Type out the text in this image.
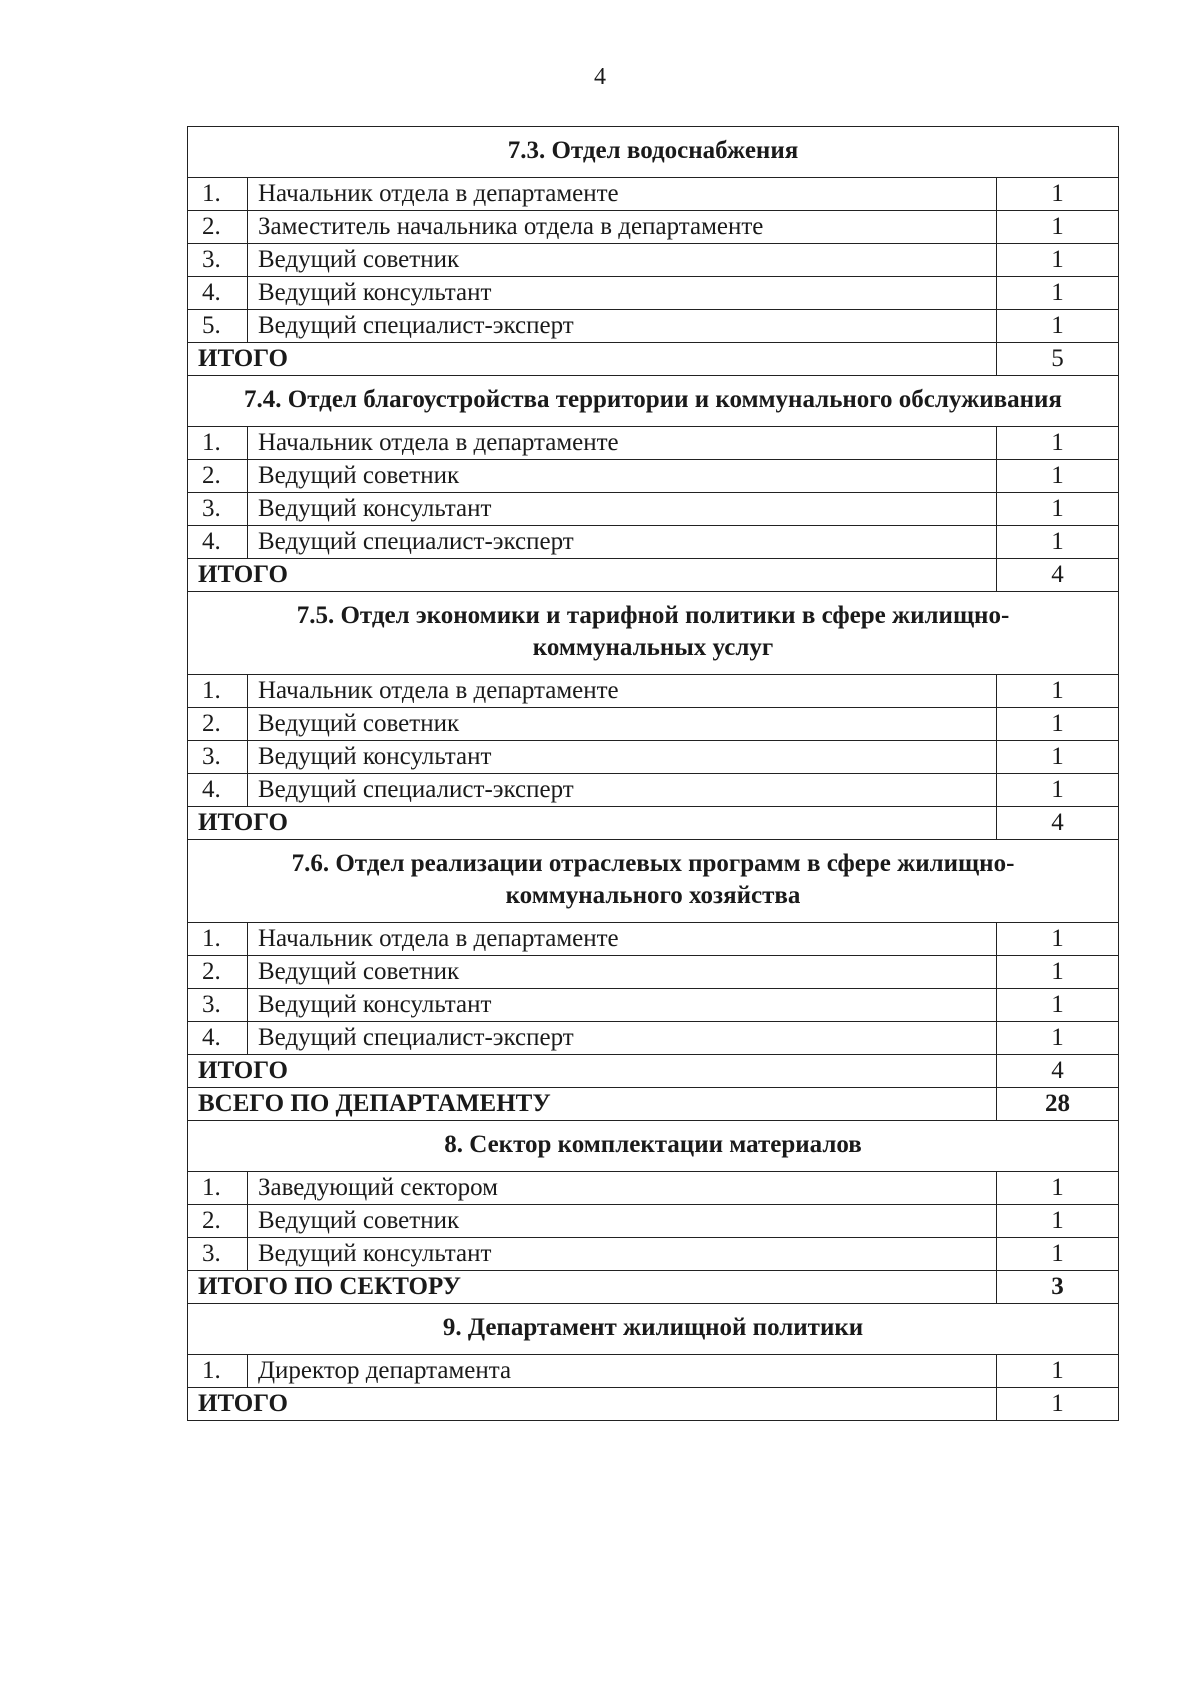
4
7.3. Отдел водоснабжения		
1.	Начальник отдела в департаменте	1
2.	Заместитель начальника отдела в департаменте	1
3.	Ведущий советник	1
4.	Ведущий консультант	1
5.	Ведущий специалист-эксперт	1
ИТОГО		5
7.4. Отдел благоустройства территории и коммунального обслуживания		
1.	Начальник отдела в департаменте	1
2.	Ведущий советник	1
3.	Ведущий консультант	1
4.	Ведущий специалист-эксперт	1
ИТОГО		4
7.5. Отдел экономики и тарифной политики в сфере жилищно-коммунальных услуг		
1.	Начальник отдела в департаменте	1
2.	Ведущий советник	1
3.	Ведущий консультант	1
4.	Ведущий специалист-эксперт	1
ИТОГО		4
7.6. Отдел реализации отраслевых программ в сфере жилищно-коммунального хозяйства		
1.	Начальник отдела в департаменте	1
2.	Ведущий советник	1
3.	Ведущий консультант	1
4.	Ведущий специалист-эксперт	1
ИТОГО		4
ВСЕГО ПО ДЕПАРТАМЕНТУ		28
8. Сектор комплектации материалов		
1.	Заведующий сектором	1
2.	Ведущий советник	1
3.	Ведущий консультант	1
ИТОГО ПО СЕКТОРУ		3
9. Департамент жилищной политики		
1.	Директор департамента	1
ИТОГО		1
